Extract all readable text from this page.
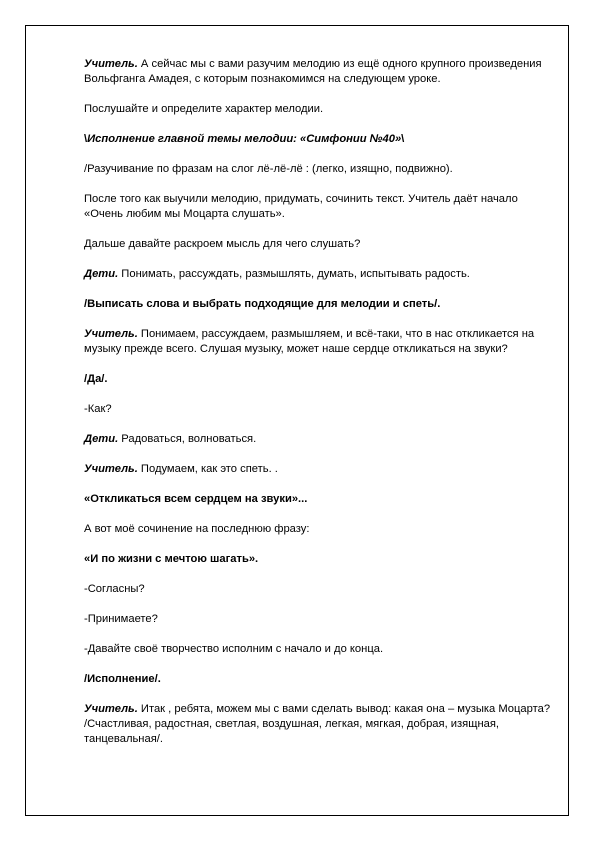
Учитель. А сейчас мы с вами разучим мелодию из ещё одного крупного произведения Вольфганга Амадея, с которым познакомимся на следующем уроке.

Послушайте и определите характер мелодии.

\Исполнение главной темы мелодии: «Симфонии №40»\

/Разучивание по фразам на слог лё-лё-лё : (легко, изящно, подвижно).

После того как выучили мелодию, придумать, сочинить текст. Учитель даёт начало «Очень любим мы Моцарта слушать».

Дальше давайте раскроем мысль для чего слушать?

Дети. Понимать, рассуждать, размышлять, думать, испытывать радость.

/Выписать слова и выбрать подходящие для мелодии и спеть/.

Учитель. Понимаем, рассуждаем, размышляем, и всё-таки, что в нас откликается на музыку прежде всего. Слушая музыку, может наше сердце откликаться на звуки?

/Да/.

-Как?

Дети. Радоваться, волноваться.

Учитель. Подумаем, как это спеть. .

«Откликаться всем сердцем на звуки»...

А вот моё сочинение на последнюю фразу:

«И по жизни с мечтою шагать».

-Согласны?

-Принимаете?

-Давайте своё творчество исполним с начало и до конца.

/Исполнение/.

Учитель. Итак , ребята, можем мы с вами сделать вывод: какая она – музыка Моцарта? /Счастливая, радостная, светлая, воздушная, легкая, мягкая, добрая, изящная, танцевальная/.
